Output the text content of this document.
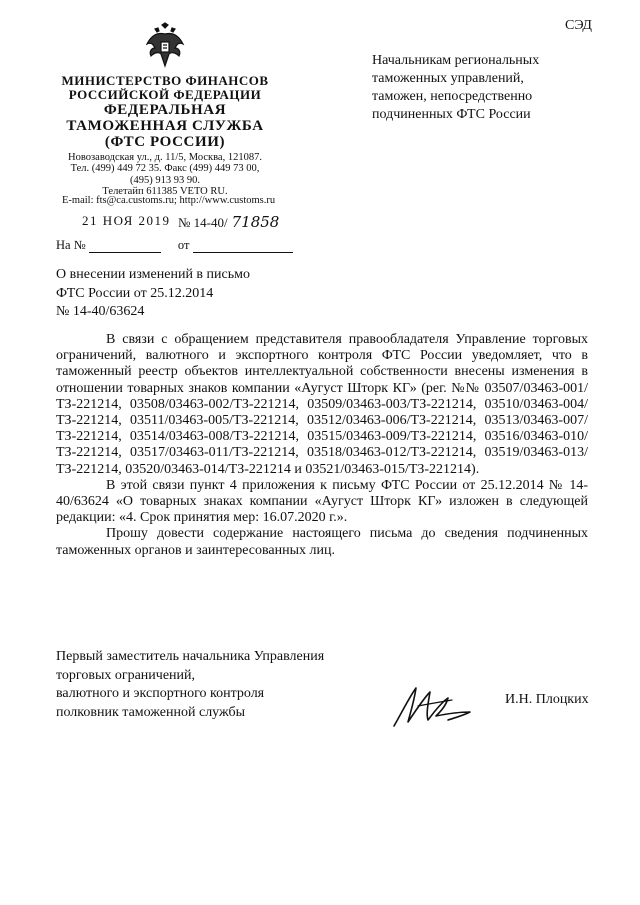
СЭД
МИНИСТЕРСТВО ФИНАНСОВ
РОССИЙСКОЙ ФЕДЕРАЦИИ
ФЕДЕРАЛЬНАЯ
ТАМОЖЕННАЯ СЛУЖБА
(ФТС РОССИИ)
Новозаводская ул., д. 11/5, Москва, 121087.
Тел. (499) 449 72 35. Факс (499) 449 73 00,
(495) 913 93 90.
Телетайп 611385 VETO RU.
E-mail: fts@ca.customs.ru; http://www.customs.ru
21 НОЯ 2019 № 14-40/ 71858
На №	от
Начальникам региональных
таможенных управлений,
таможен, непосредственно
подчиненных ФТС России
О внесении изменений в письмо
ФТС России от 25.12.2014
№ 14-40/63624

В связи с обращением представителя правообладателя Управление торговых ограничений, валютного и экспортного контроля ФТС России уведомляет, что в таможенный реестр объектов интеллектуальной собственности внесены изменения в отношении товарных знаков компании «Аугуст Шторк КГ» (рег. №№ 03507/03463-001/ТЗ-221214, 03508/03463-002/ТЗ-221214, 03509/03463-003/ТЗ-221214, 03510/03463-004/ТЗ-221214, 03511/03463-005/ТЗ-221214, 03512/03463-006/ТЗ-221214, 03513/03463-007/ТЗ-221214, 03514/03463-008/ТЗ-221214, 03515/03463-009/ТЗ-221214, 03516/03463-010/ТЗ-221214, 03517/03463-011/ТЗ-221214, 03518/03463-012/ТЗ-221214, 03519/03463-013/ТЗ-221214, 03520/03463-014/ТЗ-221214 и 03521/03463-015/ТЗ-221214).

В этой связи пункт 4 приложения к письму ФТС России от 25.12.2014 № 14-40/63624 «О товарных знаках компании «Аугуст Шторк КГ» изложен в следующей редакции: «4. Срок принятия мер: 16.07.2020 г.».

Прошу довести содержание настоящего письма до сведения подчиненных таможенных органов и заинтересованных лиц.

Первый заместитель начальника Управления
торговых ограничений,
валютного и экспортного контроля
полковник таможенной службы
И.Н. Плоцких
